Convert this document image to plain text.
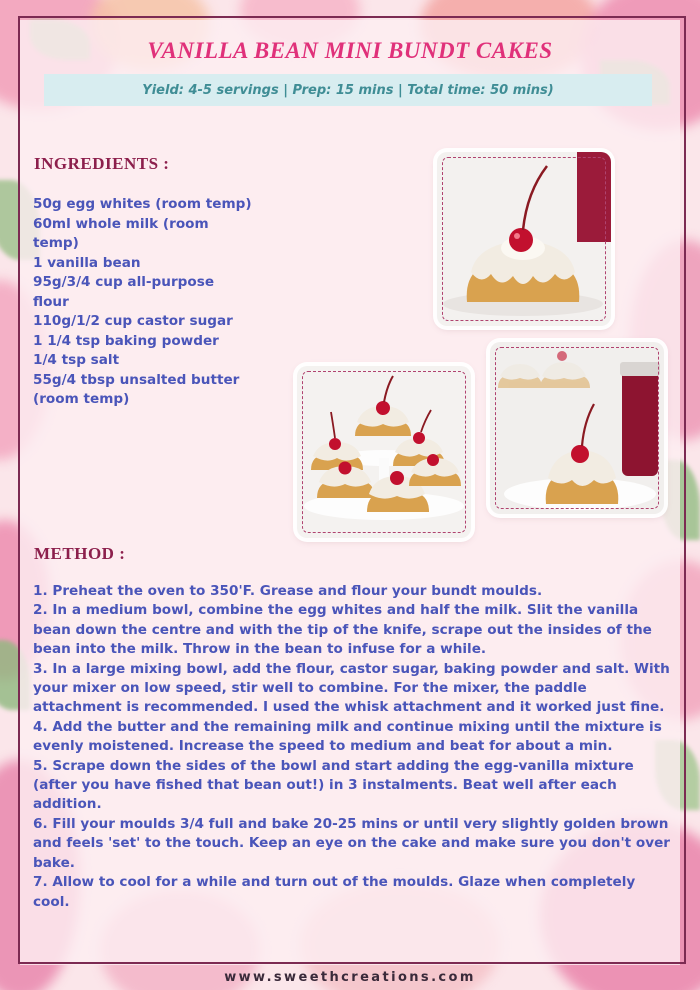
VANILLA BEAN MINI BUNDT CAKES
Yield: 4-5 servings | Prep: 15 mins | Total time: 50 mins)
INGREDIENTS :
50g egg whites (room temp)
60ml whole milk (room temp)
1 vanilla bean
95g/3/4 cup all-purpose flour
110g/1/2 cup castor sugar
1 1/4 tsp baking powder
1/4 tsp salt
55g/4 tbsp unsalted butter (room temp)
METHOD :
1. Preheat the oven to 350'F. Grease and flour your bundt moulds.
2. In a medium bowl, combine the egg whites and half the milk. Slit the vanilla bean down the centre and with the tip of the knife, scrape out the insides of the bean into the milk. Throw in the bean to infuse for a while.
3. In a large mixing bowl, add the flour, castor sugar, baking powder and salt. With your mixer on low speed, stir well to combine. For the mixer, the paddle attachment is recommended. I used the whisk attachment and it worked just fine.
4. Add the butter and the remaining milk and continue mixing until the mixture is evenly moistened. Increase the speed to medium and beat for about a min.
5. Scrape down the sides of the bowl and start adding the egg-vanilla mixture (after you have fished that bean out!) in 3 instalments. Beat well after each addition.
6. Fill your moulds 3/4 full and bake 20-25 mins or until very slightly golden brown and feels 'set' to the touch. Keep an eye on the cake and make sure you don't over bake.
7. Allow to cool for a while and turn out of the moulds. Glaze when completely cool.
www.sweethcreations.com
